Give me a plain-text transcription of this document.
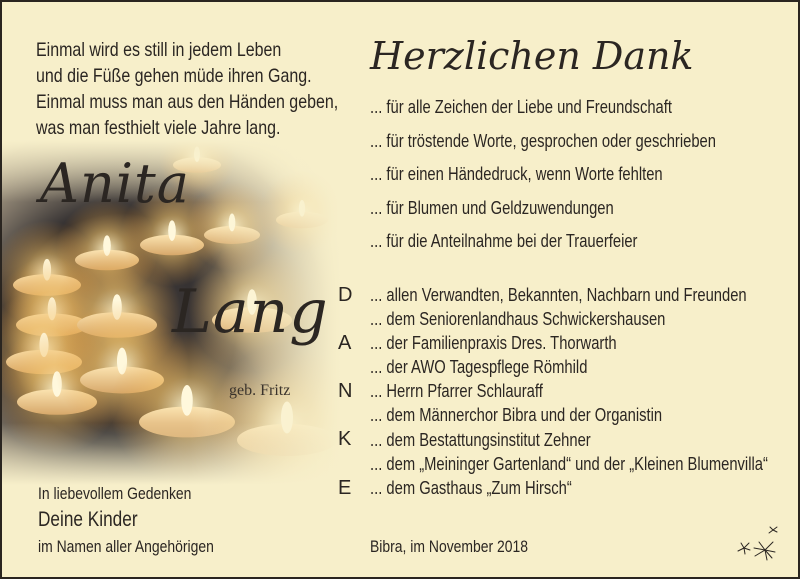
Einmal wird es still in jedem Leben
und die Füße gehen müde ihren Gang.
Einmal muss man aus den Händen geben,
was man festhielt viele Jahre lang.
Anita
Lang
geb. Fritz
In liebevollem Gedenken
Deine Kinder
im Namen aller Angehörigen
Herzlichen Dank
... für alle Zeichen der Liebe und Freundschaft
... für tröstende Worte, gesprochen oder geschrieben
... für einen Händedruck, wenn Worte fehlten
... für Blumen und Geldzuwendungen
... für die Anteilnahme bei der Trauerfeier
D
A
N
K
E
... allen Verwandten, Bekannten, Nachbarn und Freunden
... dem Seniorenlandhaus Schwickershausen
... der Familienpraxis Dres. Thorwarth
... der AWO Tagespflege Römhild
... Herrn Pfarrer Schlauraff
... dem Männerchor Bibra und der Organistin
... dem Bestattungsinstitut Zehner
... dem „Meininger Gartenland“ und der „Kleinen Blumenvilla“
... dem Gasthaus „Zum Hirsch“
Bibra, im November 2018
